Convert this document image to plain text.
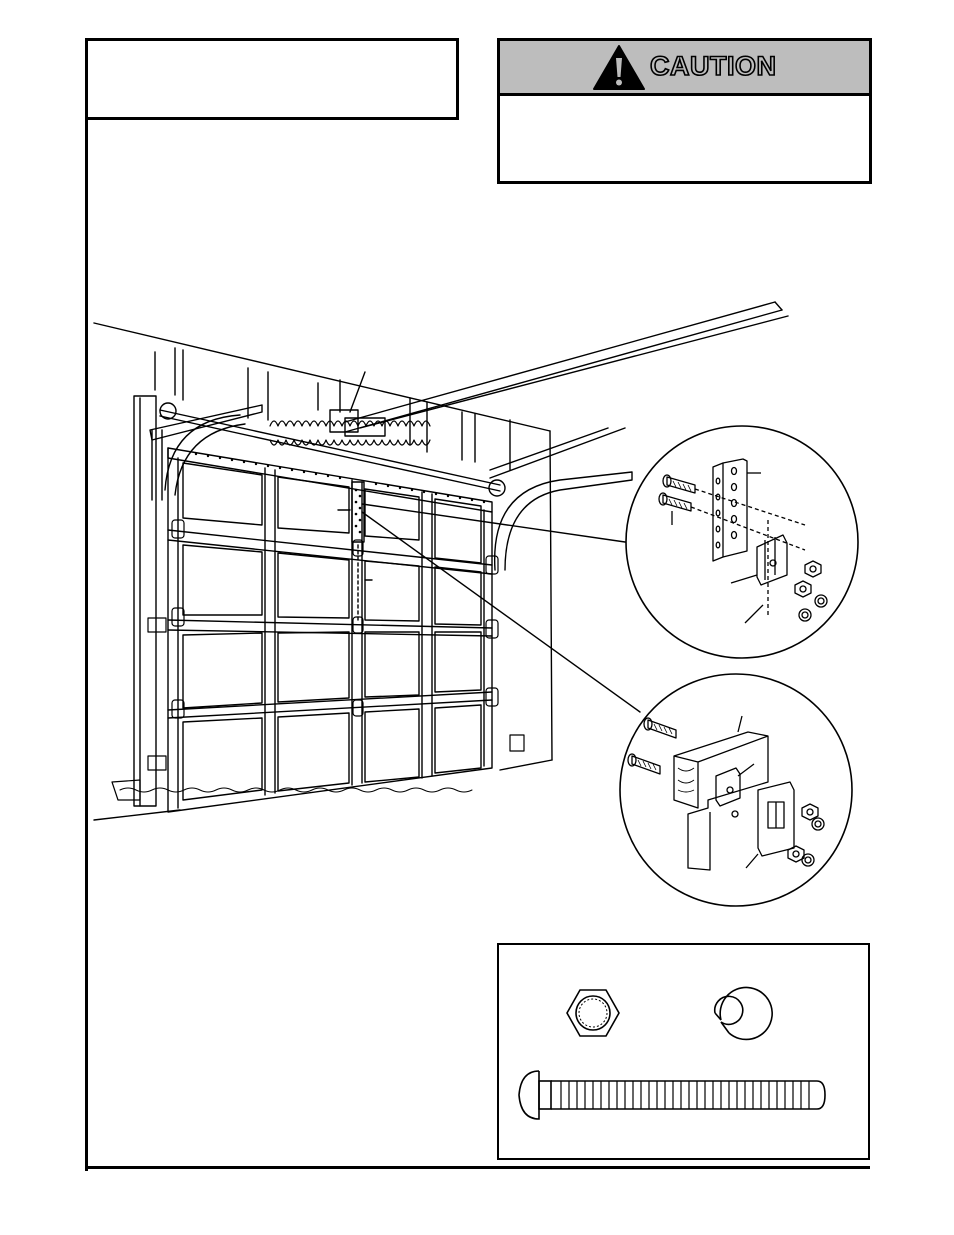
CAUTION
